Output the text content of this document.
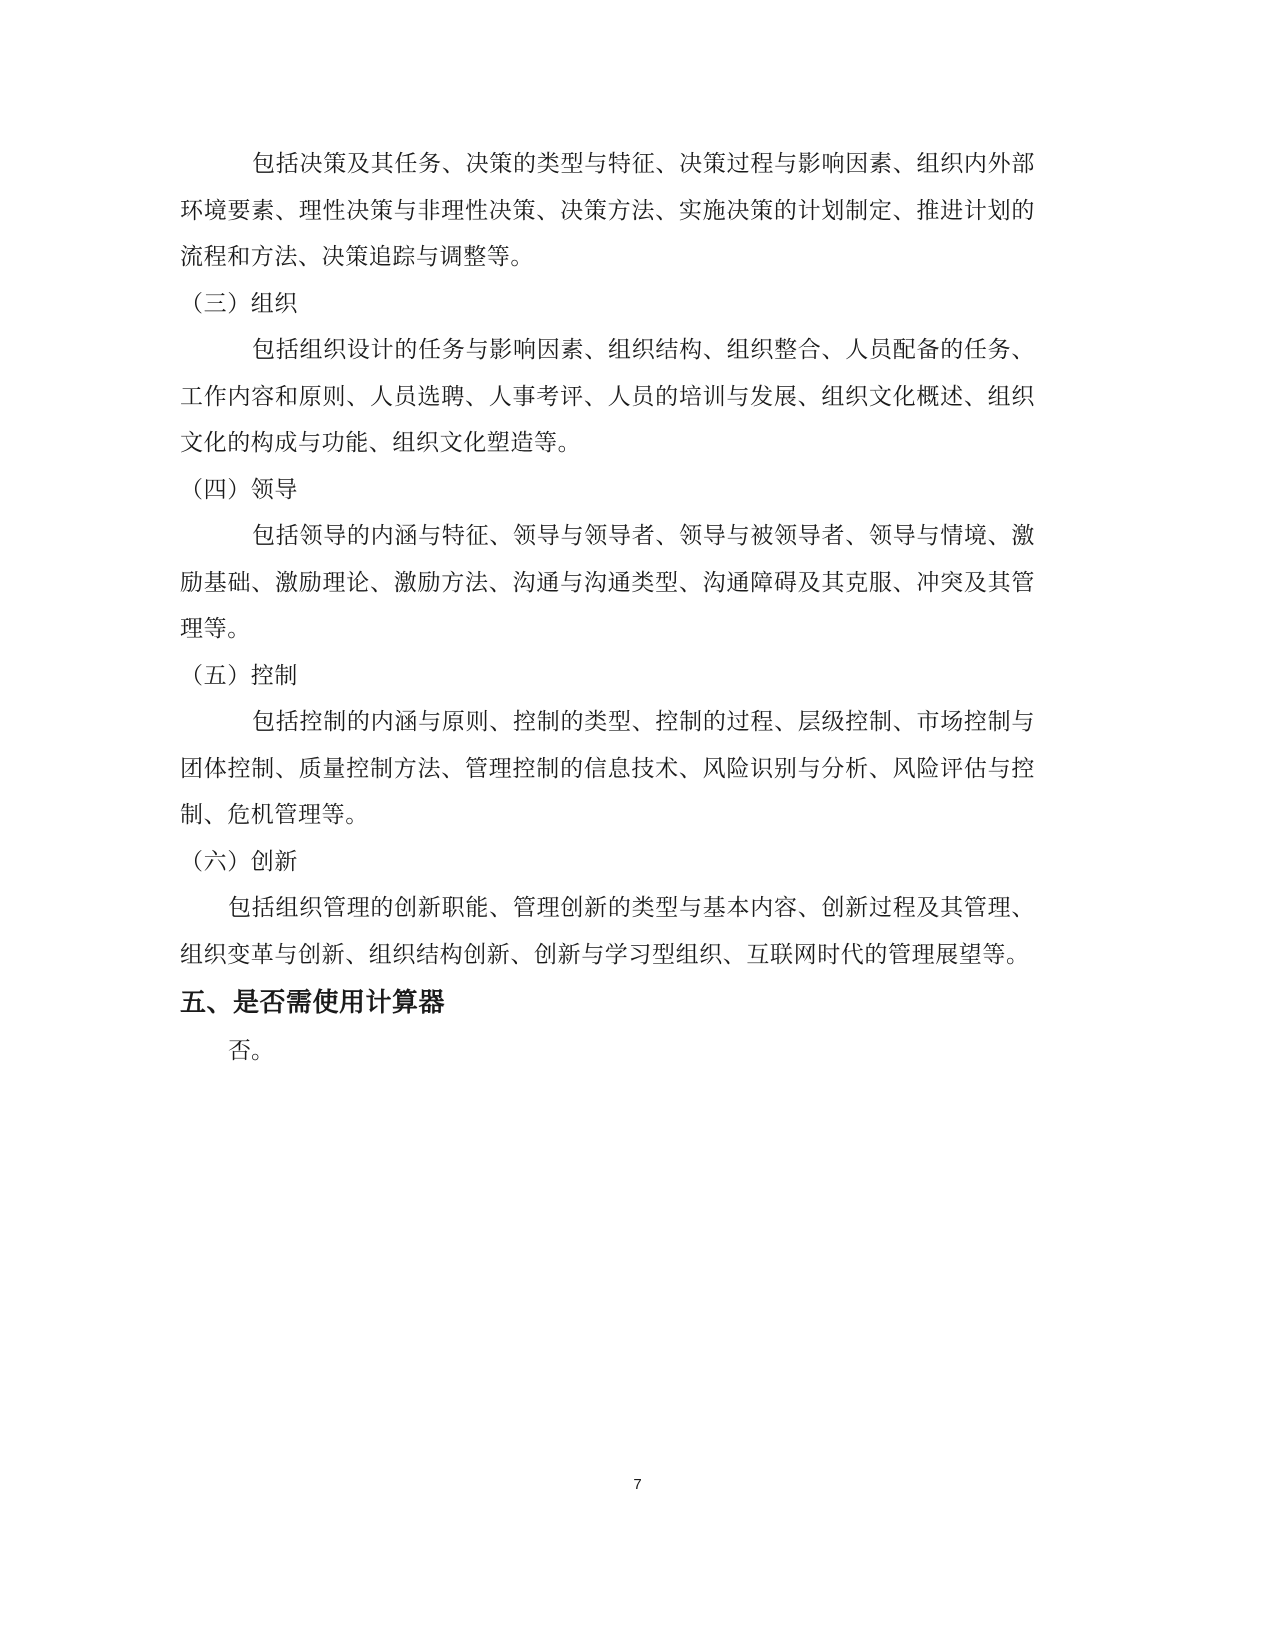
包括决策及其任务、决策的类型与特征、决策过程与影响因素、组织内外部环境要素、理性决策与非理性决策、决策方法、实施决策的计划制定、推进计划的流程和方法、决策追踪与调整等。

（三）组织

包括组织设计的任务与影响因素、组织结构、组织整合、人员配备的任务、工作内容和原则、人员选聘、人事考评、人员的培训与发展、组织文化概述、组织文化的构成与功能、组织文化塑造等。

（四）领导

包括领导的内涵与特征、领导与领导者、领导与被领导者、领导与情境、激励基础、激励理论、激励方法、沟通与沟通类型、沟通障碍及其克服、冲突及其管理等。

（五）控制

包括控制的内涵与原则、控制的类型、控制的过程、层级控制、市场控制与团体控制、质量控制方法、管理控制的信息技术、风险识别与分析、风险评估与控制、危机管理等。

（六）创新

包括组织管理的创新职能、管理创新的类型与基本内容、创新过程及其管理、组织变革与创新、组织结构创新、创新与学习型组织、互联网时代的管理展望等。

五、是否需使用计算器

否。

7
